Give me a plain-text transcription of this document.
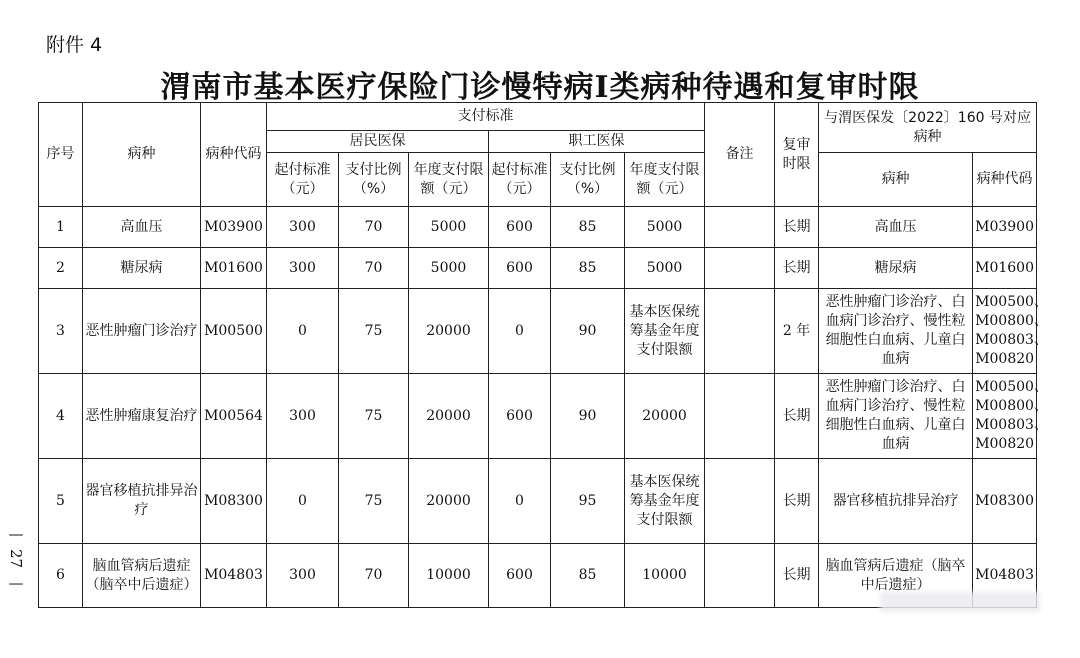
附件 4
渭南市基本医疗保险门诊慢特病Ⅰ类病种待遇和复审时限
—
27
—
序号	病种	病种代码	支付标准						备注	复审时限	与渭医保发〔2022〕160 号对应病种	
			居民医保			职工医保						
			起付标准（元）	支付比例（%）	年度支付限额（元）	起付标准（元）	支付比例（%）	年度支付限额（元）			病种	病种代码
1	高血压	M03900	300	70	5000	600	85	5000		长期	高血压	M03900
2	糖尿病	M01600	300	70	5000	600	85	5000		长期	糖尿病	M01600
3	恶性肿瘤门诊治疗	M00500	0	75	20000	0	90	基本医保统筹基金年度支付限额		2 年	恶性肿瘤门诊治疗、白血病门诊治疗、慢性粒细胞性白血病、儿童白血病	M00500、M00800、M00803、M00820
4	恶性肿瘤康复治疗	M00564	300	75	20000	600	90	20000		长期	恶性肿瘤门诊治疗、白血病门诊治疗、慢性粒细胞性白血病、儿童白血病	M00500、M00800、M00803、M00820
5	器官移植抗排异治疗	M08300	0	75	20000	0	95	基本医保统筹基金年度支付限额		长期	器官移植抗排异治疗	M08300
6	脑血管病后遗症（脑卒中后遗症）	M04803	300	70	10000	600	85	10000		长期	脑血管病后遗症（脑卒中后遗症）	M04803
